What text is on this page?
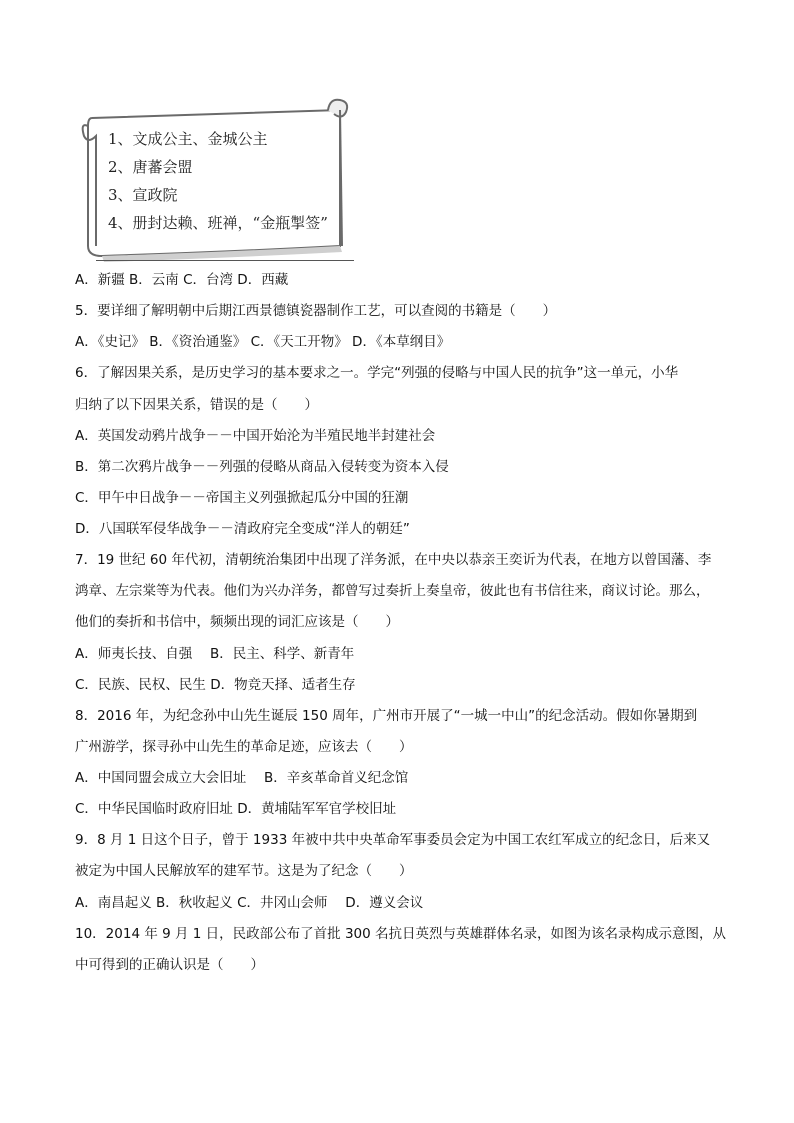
1、文成公主、金城公主
2、唐蕃会盟
3、宣政院
4、册封达赖、班禅，“金瓶掣签”
A．新疆 B．云南 C．台湾 D．西藏
5．要详细了解明朝中后期江西景德镇瓷器制作工艺，可以查阅的书籍是（　　）
A．《史记》 B．《资治通鉴》 C．《天工开物》 D．《本草纲目》
6．了解因果关系，是历史学习的基本要求之一。学完“列强的侵略与中国人民的抗争”这一单元，小华
归纳了以下因果关系，错误的是（　　）
A．英国发动鸦片战争－－中国开始沦为半殖民地半封建社会
B．第二次鸦片战争－－列强的侵略从商品入侵转变为资本入侵
C．甲午中日战争－－帝国主义列强掀起瓜分中国的狂潮
D．八国联军侵华战争－－清政府完全变成“洋人的朝廷”
7．19 世纪 60 年代初，清朝统治集团中出现了洋务派，在中央以恭亲王奕䜣为代表，在地方以曾国藩、李
鸿章、左宗棠等为代表。他们为兴办洋务，都曾写过奏折上奏皇帝，彼此也有书信往来，商议讨论。那么，
他们的奏折和书信中，频频出现的词汇应该是（　　）
A．师夷长技、自强　 B．民主、科学、新青年
C．民族、民权、民生 D．物竞天择、适者生存
8．2016 年，为纪念孙中山先生诞辰 150 周年，广州市开展了“一城一中山”的纪念活动。假如你暑期到
广州游学，探寻孙中山先生的革命足迹，应该去（　　）
A．中国同盟会成立大会旧址　 B．辛亥革命首义纪念馆
C．中华民国临时政府旧址 D．黄埔陆军军官学校旧址
9．8 月 1 日这个日子，曾于 1933 年被中共中央革命军事委员会定为中国工农红军成立的纪念日，后来又
被定为中国人民解放军的建军节。这是为了纪念（　　）
A．南昌起义 B．秋收起义 C．井冈山会师　 D．遵义会议
10．2014 年 9 月 1 日，民政部公布了首批 300 名抗日英烈与英雄群体名录，如图为该名录构成示意图，从
中可得到的正确认识是（　　）
